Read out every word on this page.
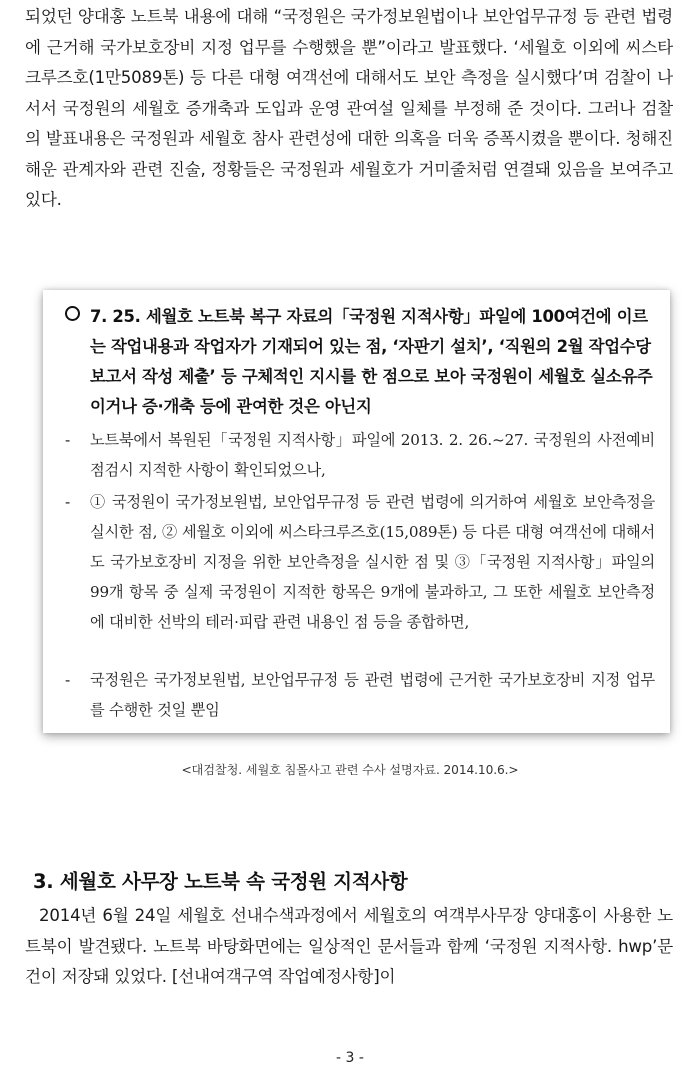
되었던 양대홍 노트북 내용에 대해 “국정원은 국가정보원법이나 보안업무규정 등 관련 법령에 근거해 국가보호장비 지정 업무를 수행했을 뿐”이라고 발표했다. ‘세월호 이외에 씨스타크루즈호(1만5089톤) 등 다른 대형 여객선에 대해서도 보안 측정을 실시했다’며 검찰이 나서서 국정원의 세월호 증개축과 도입과 운영 관여설 일체를 부정해 준 것이다. 그러나 검찰의 발표내용은 국정원과 세월호 참사 관련성에 대한 의혹을 더욱 증폭시켰을 뿐이다. 청해진해운 관계자와 관련 진술, 정황들은 국정원과 세월호가 거미줄처럼 연결돼 있음을 보여주고 있다.

7. 25. 세월호 노트북 복구 자료의「국정원 지적사항」파일에 100여건에 이르는 작업내용과 작업자가 기재되어 있는 점, ‘자판기 설치’, ‘직원의 2월 작업수당 보고서 작성 제출’ 등 구체적인 지시를 한 점으로 보아 국정원이 세월호 실소유주 이거나 증·개축 등에 관여한 것은 아닌지
- 노트북에서 복원된「국정원 지적사항」파일에 2013. 2. 26.~27. 국정원의 사전예비점검시 지적한 사항이 확인되었으나,
- ① 국정원이 국가정보원법, 보안업무규정 등 관련 법령에 의거하여 세월호 보안측정을 실시한 점, ② 세월호 이외에 씨스타크루즈호(15,089톤) 등 다른 대형 여객선에 대해서도 국가보호장비 지정을 위한 보안측정을 실시한 점 및 ③「국정원 지적사항」파일의 99개 항목 중 실제 국정원이 지적한 항목은 9개에 불과하고, 그 또한 세월호 보안측정에 대비한 선박의 테러·피랍 관련 내용인 점 등을 종합하면,
- 국정원은 국가정보원법, 보안업무규정 등 관련 법령에 근거한 국가보호장비 지정 업무를 수행한 것일 뿐임
<대검찰청. 세월호 침몰사고 관련 수사 설명자료. 2014.10.6.>
3. 세월호 사무장 노트북 속 국정원 지적사항

2014년 6월 24일 세월호 선내수색과정에서 세월호의 여객부사무장 양대홍이 사용한 노트북이 발견됐다. 노트북 바탕화면에는 일상적인 문서들과 함께 ‘국정원 지적사항. hwp’문건이 저장돼 있었다. [선내여객구역 작업예정사항]이

- 3 -
